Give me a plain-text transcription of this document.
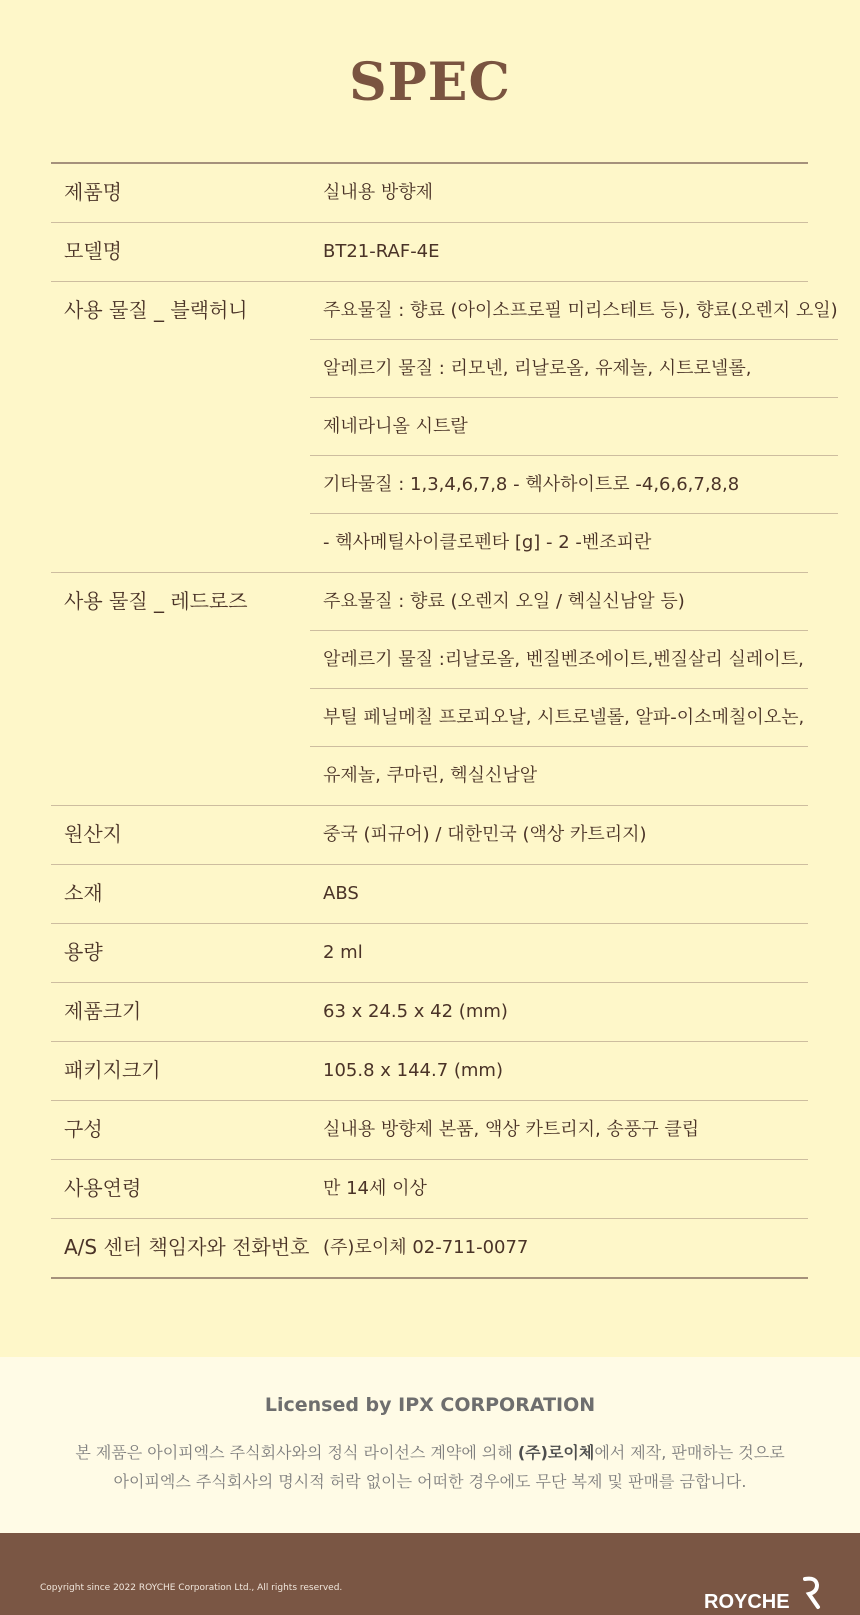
SPEC
제품명	실내용 방향제
모델명	BT21-RAF-4E
사용 물질 _ 블랙허니	주요물질 : 향료 (아이소프로필 미리스테트 등), 향료(오렌지 오일)
알레르기 물질 : 리모넨, 리날로올, 유제놀, 시트로넬롤,
제네라니올 시트랄
기타물질 : 1,3,4,6,7,8 - 헥사하이트로 -4,6,6,7,8,8
- 헥사메틸사이클로펜타 [g] - 2 -벤조피란
사용 물질 _ 레드로즈	주요물질 : 향료 (오렌지 오일 / 헥실신남알 등)
알레르기 물질 :리날로올, 벤질벤조에이트,벤질살리 실레이트,
부틸 페닐메칠 프로피오날, 시트로넬롤, 알파-이소메칠이오논,
유제놀, 쿠마린, 헥실신남알
원산지	중국 (피규어) / 대한민국 (액상 카트리지)
소재	ABS
용량	2 ml
제품크기	63 x 24.5 x 42 (mm)
패키지크기	105.8 x 144.7 (mm)
구성	실내용 방향제 본품, 액상 카트리지, 송풍구 클립
사용연령	만 14세 이상
A/S 센터 책임자와 전화번호 (주)로이체 02-711-0077
Licensed by IPX CORPORATION
본 제품은 아이피엑스 주식회사와의 정식 라이선스 계약에 의해 (주)로이체에서 제작, 판매하는 것으로
아이피엑스 주식회사의 명시적 허락 없이는 어떠한 경우에도 무단 복제 및 판매를 금합니다.
Copyright since 2022 ROYCHE Corporation Ltd., All rights reserved.
ROYCHE
